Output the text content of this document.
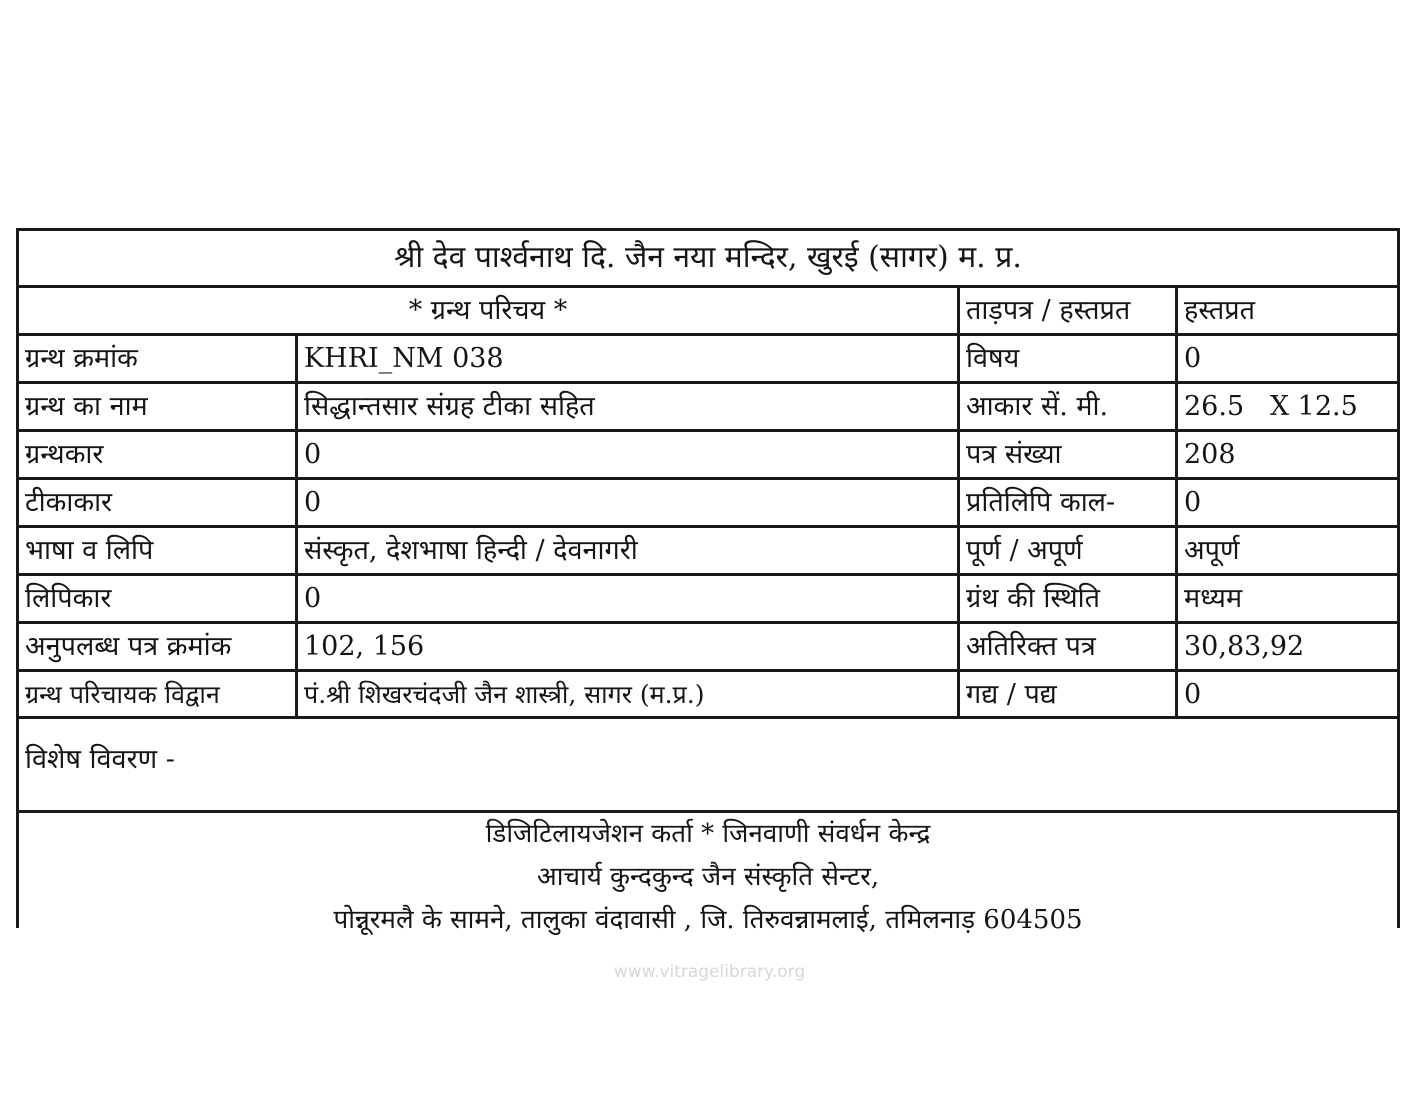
श्री देव पार्श्वनाथ दि. जैन नया मन्दिर, खुरई (सागर) म. प्र.
* ग्रन्थ परिचय *	ताड़पत्र / हस्तप्रत	हस्तप्रत
ग्रन्थ क्रमांक	KHRI_NM 038	विषय	0
ग्रन्थ का नाम	सिद्धान्तसार संग्रह टीका सहित	आकार सें. मी.	26.5   X 12.5
ग्रन्थकार	0	पत्र संख्या	208
टीकाकार	0	प्रतिलिपि काल-	0
भाषा व लिपि	संस्कृत, देशभाषा हिन्दी / देवनागरी	पूर्ण / अपूर्ण	अपूर्ण
लिपिकार	0	ग्रंथ की स्थिति	मध्यम
अनुपलब्ध पत्र क्रमांक	102, 156	अतिरिक्त पत्र	30,83,92
ग्रन्थ परिचायक विद्वान	पं.श्री शिखरचंदजी जैन शास्त्री, सागर (म.प्र.)	गद्य / पद्य	0
विशेष विवरण -
डिजिटिलायजेशन कर्ता * जिनवाणी संवर्धन केन्द्र
आचार्य कुन्दकुन्द जैन संस्कृति सेन्टर,
पोन्नूरमलै के सामने, तालुका वंदावासी , जि. तिरुवन्नामलाई, तमिलनाड़ 604505
www.vitragelibrary.org
